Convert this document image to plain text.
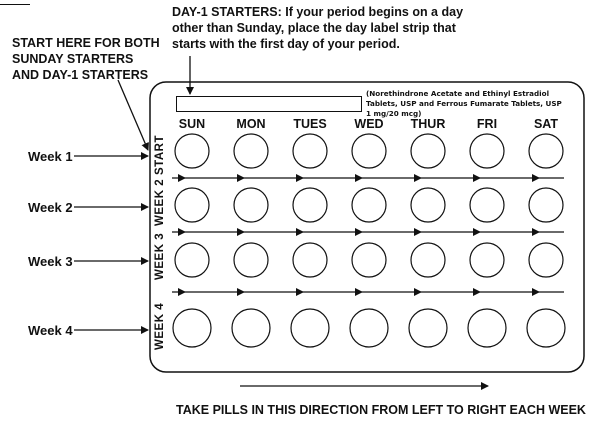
DAY-1 STARTERS: If your period begins on a day other than Sunday, place the day label strip that starts with the first day of your period.
START HERE FOR BOTH SUNDAY STARTERS AND DAY-1 STARTERS
(Norethindrone Acetate and Ethinyl Estradiol Tablets, USP and Ferrous Fumarate Tablets, USP 1 mg/20 mcg)
Week 1
Week 2
Week 3
Week 4
SUN	MON	TUES	WED	THUR	FRI	SAT
START
WEEK 2
WEEK 3
WEEK 4
TAKE PILLS IN THIS DIRECTION FROM LEFT TO RIGHT EACH WEEK
